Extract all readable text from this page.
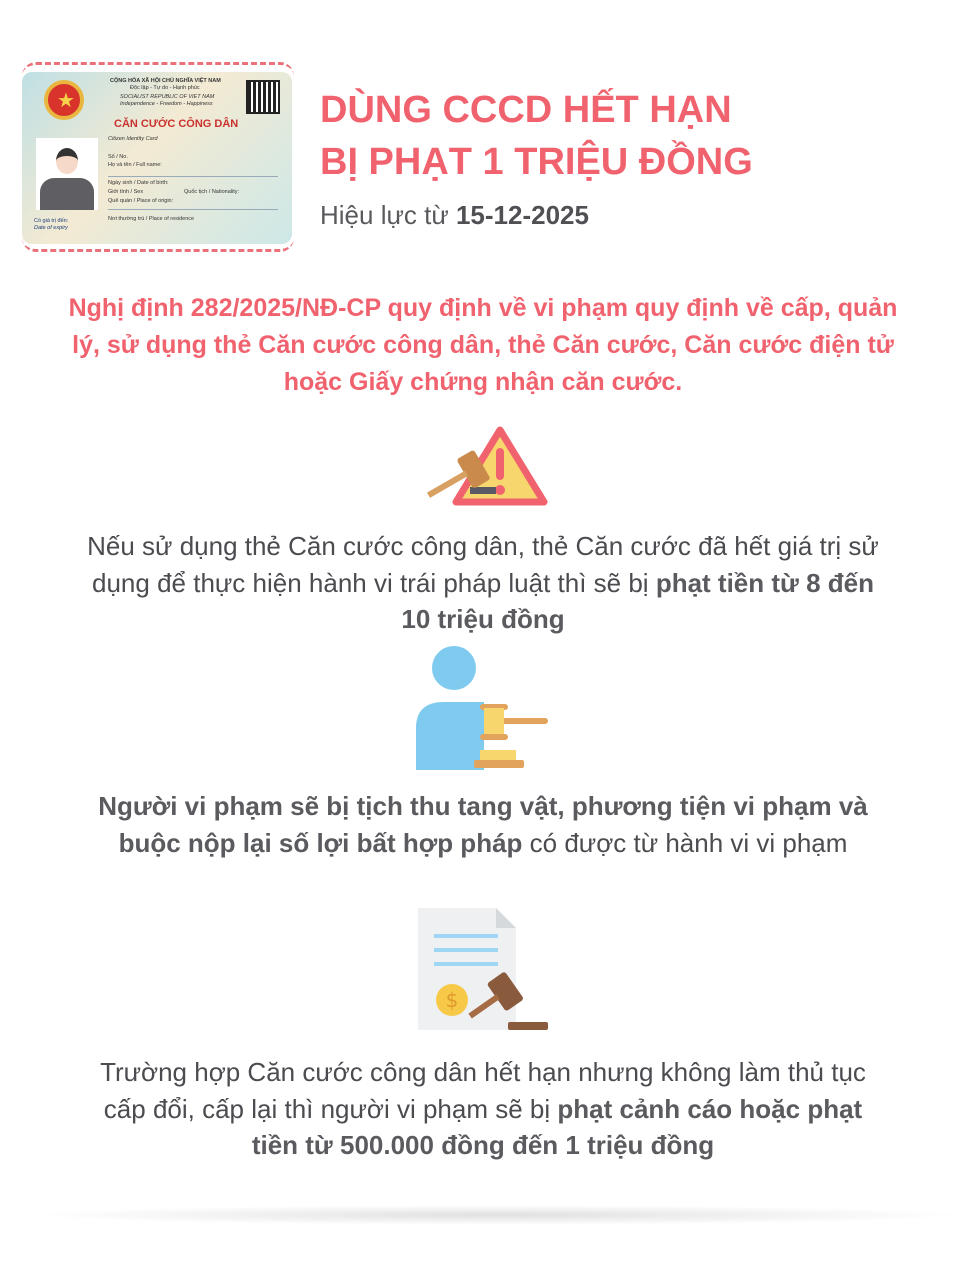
★
CỘNG HÒA XÃ HỘI CHỦ NGHĨA VIỆT NAM
Độc lập - Tự do - Hạnh phúc
SOCIALIST REPUBLIC OF VIET NAM
Independence - Freedom - Happiness
CĂN CƯỚC CÔNG DÂN
Citizen Identity Card
Số / No.
Họ và tên / Full name:
Ngày sinh / Date of birth:
Giới tính / Sex	Quốc tịch / Nationality:
Quê quán / Place of origin:
Nơi thường trú / Place of residence
Có giá trị đến:
Date of expiry
DÙNG CCCD HẾT HẠN
BỊ PHẠT 1 TRIỆU ĐỒNG
Hiệu lực từ 15-12-2025
Nghị định 282/2025/NĐ-CP quy định về vi phạm quy định về cấp, quản lý, sử dụng thẻ Căn cước công dân, thẻ Căn cước, Căn cước điện tử hoặc Giấy chứng nhận căn cước.
Nếu sử dụng thẻ Căn cước công dân, thẻ Căn cước đã hết giá trị sử dụng để thực hiện hành vi trái pháp luật thì sẽ bị phạt tiền từ 8 đến 10 triệu đồng
Người vi phạm sẽ bị tịch thu tang vật, phương tiện vi phạm và buộc nộp lại số lợi bất hợp pháp có được từ hành vi vi phạm
$
Trường hợp Căn cước công dân hết hạn nhưng không làm thủ tục cấp đổi, cấp lại thì người vi phạm sẽ bị phạt cảnh cáo hoặc phạt tiền từ 500.000 đồng đến 1 triệu đồng
